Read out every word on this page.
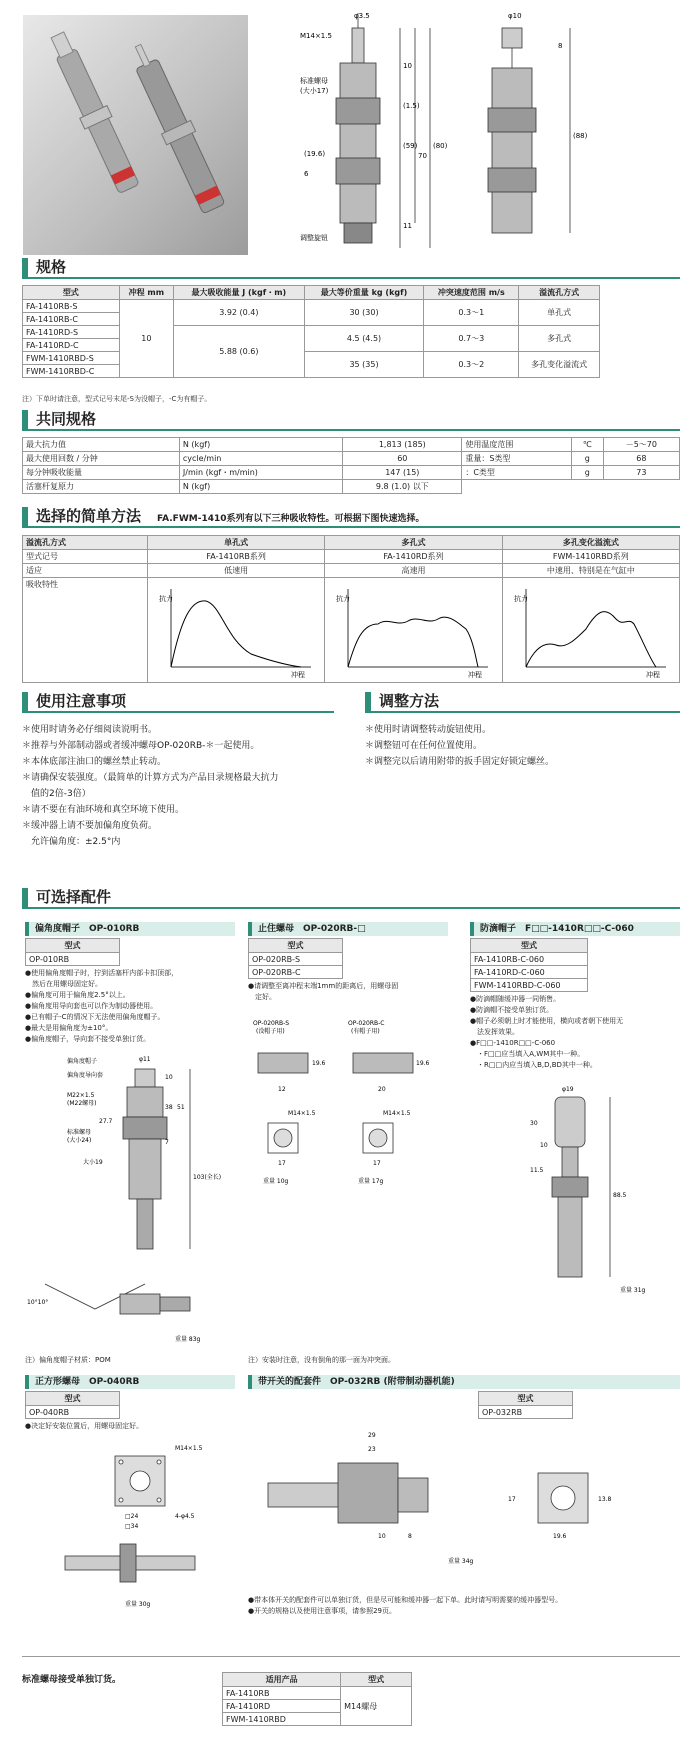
M14×1.5
φ3.5	φ10
标准螺母
(大小17)
调整旋钮
10
(1.5)
(59)
70
(80)
(19.6)
6
11
8
(88)
规格
型式	冲程 mm	最大吸收能量 J (kgf・m)	最大等价重量 kg (kgf)	冲突速度范围 m/s	溢流孔方式
FA-1410RB-S	10	3.92 (0.4)	30 (30)	0.3～1	单孔式
FA-1410RB-C					
FA-1410RD-S		5.88 (0.6)	4.5 (4.5)	0.7～3	多孔式
FA-1410RD-C					
FWM-1410RBD-S			35 (35)	0.3～2	多孔变化溢流式
FWM-1410RBD-C					
注）下单时请注意，型式记号末尾-S为没帽子，-C为有帽子。
共同规格
最大抗力值	N (kgf)	1,813 (185)	使用温度范围	℃	－5～70
最大使用回数 / 分钟	cycle/min	60	重量：S类型	g	68
每分钟吸收能量	J/min (kgf・m/min)	147 (15)	：C类型	g	73
活塞杆复原力	N (kgf)	9.8 (1.0) 以下			
选择的简单方法 FA.FWM-1410系列有以下三种吸收特性。可根据下图快速选择。
溢流孔方式	单孔式	多孔式	多孔变化溢流式
型式记号	FA-1410RB系列	FA-1410RD系列	FWM-1410RBD系列
适应	低速用	高速用	中速用、特别是在气缸中
吸收特性	抗力
冲程	抗力
冲程	抗力
冲程
使用注意事项	调整方法
＊使用时请务必仔细阅读说明书。
＊推荐与外部制动器或者缓冲螺母OP-020RB-＊一起使用。
＊本体底部注油口的螺丝禁止转动。
＊请确保安装强度。（最简单的计算方式为产品目录规格最大抗力
　值的2倍-3倍）
＊请不要在有油环境和真空环境下使用。
＊缓冲器上请不要加偏角度负荷。
　允许偏角度：±2.5°内
＊使用时请调整转动旋钮使用。
＊调整钮可在任何位置使用。
＊调整完以后请用附带的扳手固定好锁定螺丝。
可选择配件
偏角度帽子　OP-010RB
型式
OP-010RB
●使用偏角度帽子时，拧到活塞杆内部卡扣顶部，
　然后在用螺母固定好。
●偏角度可用于偏角度2.5°以上。
●偏角度用导向套也可以作为制动器使用。
●已有帽子-C的情况下无法使用偏角度帽子。
●最大是用偏角度为±10°。
●偏角度帽子，导向套不接受单独订货。
偏角度帽子
偏角度导向套
M22×1.5
(M22螺母)
标准螺母
(大小24)
大小19
φ11
10
38 51
27.7
7
103(全长)
10°10°
重量 83g
注）偏角度帽子材质：POM
止住螺母　OP-020RB-□
型式
OP-020RB-S
OP-020RB-C
●请调整至离冲程末端1mm的距离后，用螺母固
　定好。
OP-020RB-S
(没帽子用)
OP-020RB-C
(有帽子用)
12	20
19.6	19.6
M14×1.5	M14×1.5
17	17
重量 10g	重量 17g
注）安装时注意，没有倒角的那一面为冲突面。
防滴帽子　F□□-1410R□□-C-060
型式
FA-1410RB-C-060
FA-1410RD-C-060
FWM-1410RBD-C-060
●防滴帽随缓冲器一同销售。
●防滴帽不接受单独订货。
●帽子必须朝上时才能使用，横向或者朝下使用无
　法发挥效果。
●F□□-1410R□□-C-060
　・F□□应当填入A,WM其中一种。
　・R□□内应当填入B,D,BD其中一种。
φ19
30
10
11.5
88.5
重量 31g
正方形螺母　OP-040RB
型式
OP-040RB
●决定好安装位置后，用螺母固定好。
M14×1.5
□24
□34
4-φ4.5
重量 30g
带开关的配套件　OP-032RB (附带制动器机能)
型式
OP-032RB
29
23
10	8
17	13.8
19.6
重量 34g
●带本体开关的配套件可以单独订货，但是尽可能和缓冲器一起下单。此时请写明需要的缓冲器型号。
●开关的规格以及使用注意事项，请参照29页。
标准螺母接受单独订货。	适用产品	型式
FA-1410RB	M14螺母
FA-1410RD	
FWM-1410RBD	
